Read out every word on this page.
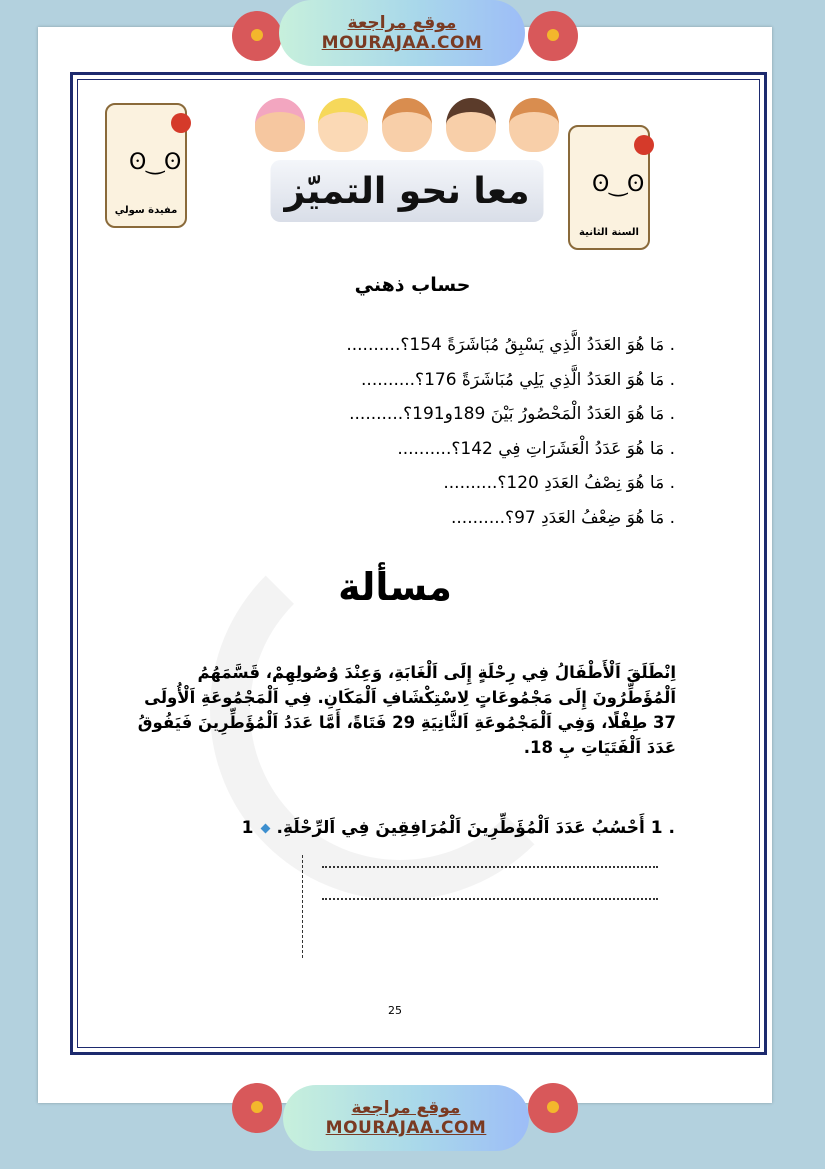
موقع مراجعة
MOURAJAA.COM
ʘ‿ʘ
مفيدة سولي
ʘ‿ʘ
السنة الثانية
معا نحو التميّز
حساب ذهني
. مَا هُوَ العَدَدُ الَّذِي يَسْبِقُ مُبَاشَرَةً 154؟..........
. مَا هُوَ العَدَدُ الَّذِي يَلِي مُبَاشَرَةً 176؟..........
. مَا هُوَ العَدَدُ الْمَحْصُورُ بَيْنَ 189و191؟..........
. مَا هُوَ عَدَدُ الْعَشَرَاتِ فِي 142؟..........
. مَا هُوَ نِصْفُ العَدَدِ 120؟..........
. مَا هُوَ ضِعْفُ العَدَدِ 97؟..........
مسألة
اِنْطَلَقَ اَلْأَطْفَالُ فِي رِحْلَةٍ إِلَى اَلْغَابَةِ، وَعِنْدَ وُصُولِهِمْ، قَسَّمَهُمُ اَلْمُؤَطِّرُونَ إِلَى مَجْمُوعَاتٍ لِاسْتِكْشَافِ اَلْمَكَانِ. فِي اَلْمَجْمُوعَةِ اَلْأُولَى 37 طِفْلًا، وَفِي اَلْمَجْمُوعَةِ اَلثَّانِيَةِ 29 فَتَاةً، أَمَّا عَدَدُ اَلْمُؤَطِّرِينَ فَيَفُوقُ عَدَدَ اَلْفَتَيَاتِ بِ 18.
. 1 أَحْسُبُ عَدَدَ اَلْمُؤَطِّرِينَ اَلْمُرَافِقِينَ فِي اَلرِّحْلَةِ.
1
25
موقع مراجعة
MOURAJAA.COM
